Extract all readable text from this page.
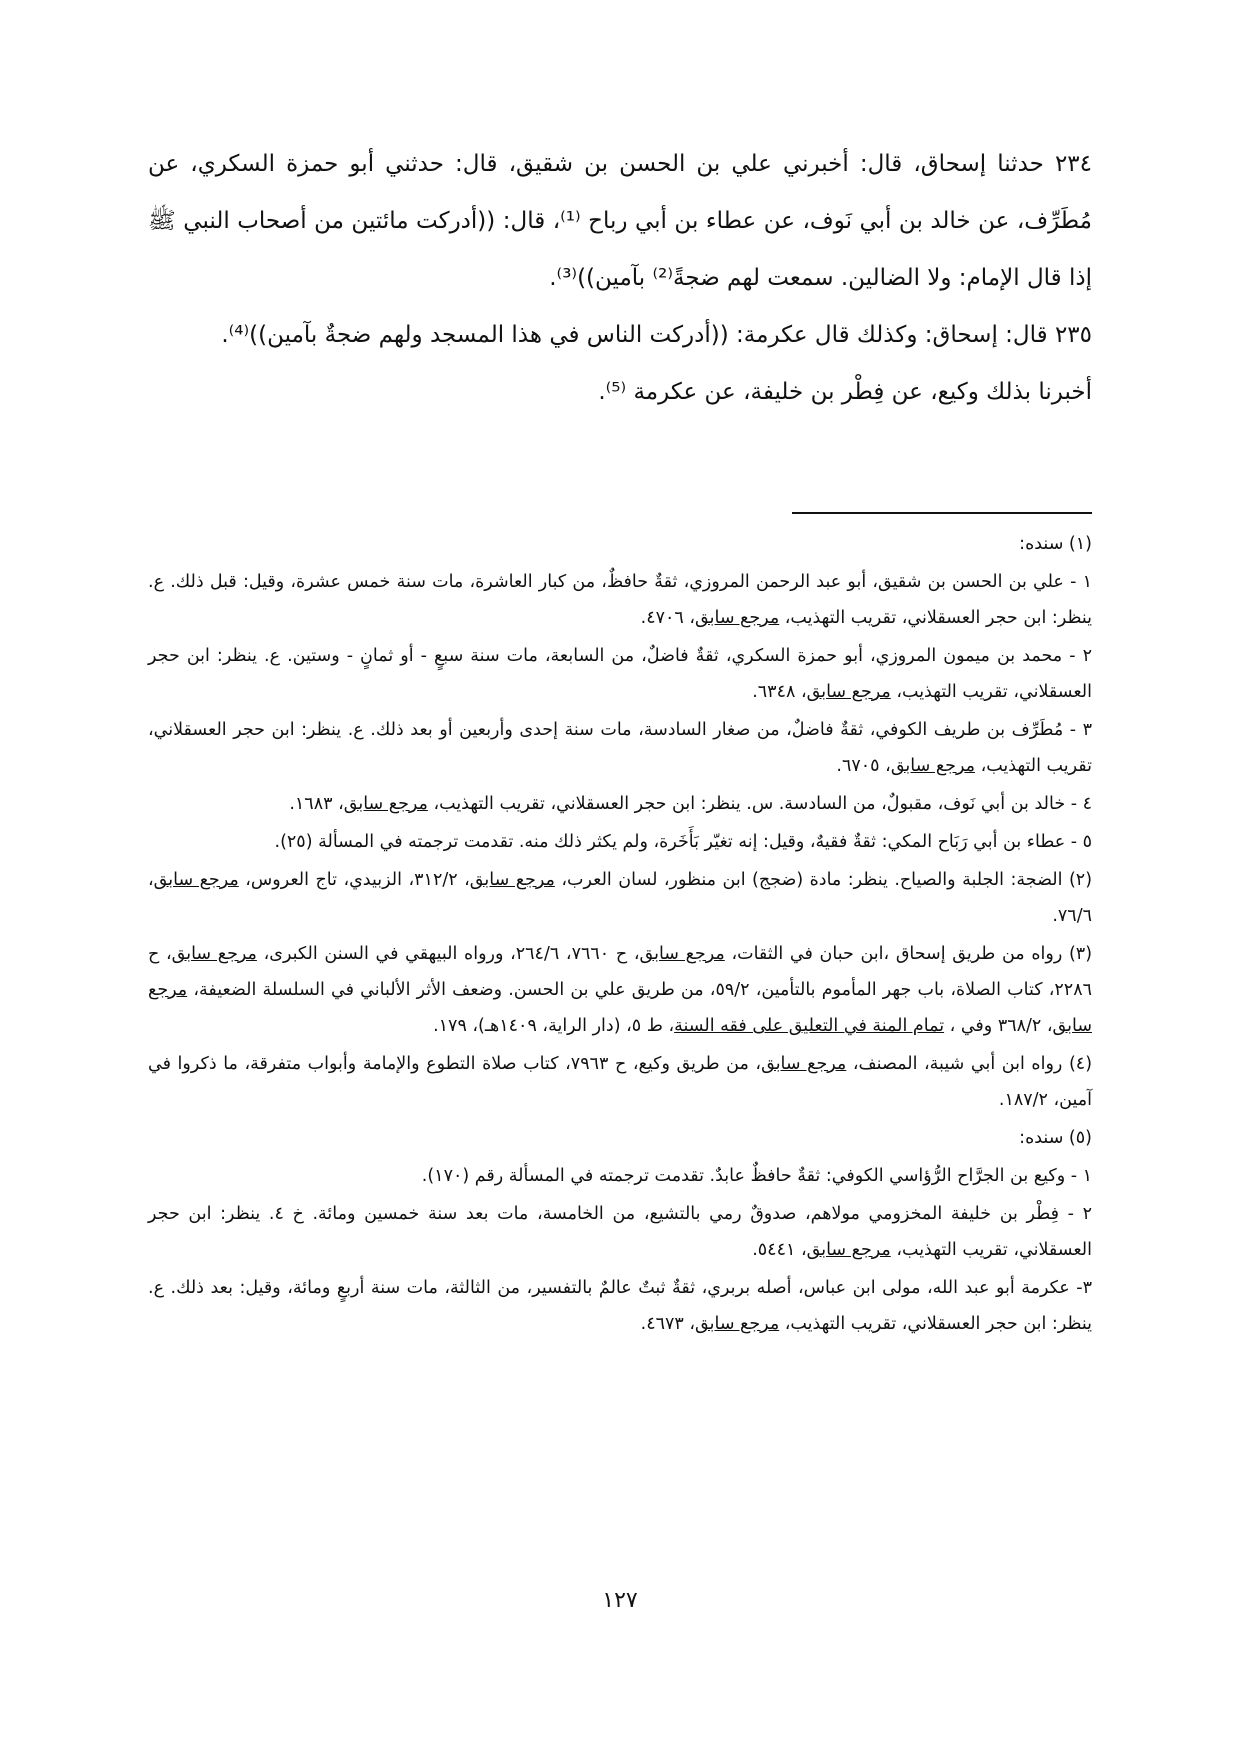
٢٣٤ حدثنا إسحاق، قال: أخبرني علي بن الحسن بن شقيق، قال: حدثني أبو حمزة السكري، عن مُطَرِّف، عن خالد بن أبي نَوف، عن عطاء بن أبي رباح ⁽¹⁾، قال: ((أدركت مائتين من أصحاب النبي ﷺ إذا قال الإمام: ولا الضالين. سمعت لهم ضجةً⁽²⁾ بآمين))⁽³⁾.

٢٣٥ قال: إسحاق: وكذلك قال عكرمة: ((أدركت الناس في هذا المسجد ولهم ضجةٌ بآمين))⁽⁴⁾.

أخبرنا بذلك وكيع، عن فِطْر بن خليفة، عن عكرمة ⁽⁵⁾.

(١) سنده:

١ - علي بن الحسن بن شقيق، أبو عبد الرحمن المروزي، ثقةٌ حافظٌ، من كبار العاشرة، مات سنة خمس عشرة، وقيل: قبل ذلك. ع. ينظر: ابن حجر العسقلاني، تقريب التهذيب، مرجع سابق، ٤٧٠٦.

٢ - محمد بن ميمون المروزي، أبو حمزة السكري، ثقةٌ فاضلٌ، من السابعة، مات سنة سبعٍ - أو ثمانٍ - وستين. ع. ينظر: ابن حجر العسقلاني، تقريب التهذيب، مرجع سابق، ٦٣٤٨.

٣ - مُطَرِّف بن طريف الكوفي، ثقةٌ فاضلٌ، من صغار السادسة، مات سنة إحدى وأربعين أو بعد ذلك. ع. ينظر: ابن حجر العسقلاني، تقريب التهذيب، مرجع سابق، ٦٧٠٥.

٤ - خالد بن أبي نَوف، مقبولٌ، من السادسة. س. ينظر: ابن حجر العسقلاني، تقريب التهذيب، مرجع سابق، ١٦٨٣.

٥ - عطاء بن أبي رَبَاح المكي: ثقةٌ فقيهٌ، وقيل: إنه تغيّر بَأَخَرة، ولم يكثر ذلك منه. تقدمت ترجمته في المسألة (٢٥).

(٢) الضجة: الجلبة والصياح. ينظر: مادة (ضجج) ابن منظور، لسان العرب، مرجع سابق، ٣١٢/٢، الزبيدي، تاج العروس، مرجع سابق، ٧٦/٦.

(٣) رواه من طريق إسحاق ،ابن حبان في الثقات، مرجع سابق، ح ٧٦٦٠، ٢٦٤/٦، ورواه البيهقي في السنن الكبرى، مرجع سابق، ح ٢٢٨٦، كتاب الصلاة، باب جهر المأموم بالتأمين، ٥٩/٢، من طريق علي بن الحسن. وضعف الأثر الألباني في السلسلة الضعيفة، مرجع سابق، ٣٦٨/٢ وفي ، تمام المنة في التعليق على فقه السنة، ط ٥، (دار الراية، ١٤٠٩هـ)، ١٧٩.

(٤) رواه ابن أبي شيبة، المصنف، مرجع سابق، من طريق وكيع، ح ٧٩٦٣، كتاب صلاة التطوع والإمامة وأبواب متفرقة، ما ذكروا في آمين، ١٨٧/٢.

(٥) سنده:

١ - وكيع بن الجرَّاح الرُّؤاسي الكوفي: ثقةٌ حافظٌ عابدٌ. تقدمت ترجمته في المسألة رقم (١٧٠).

٢ - فِطْر بن خليفة المخزومي مولاهم، صدوقٌ رمي بالتشيع، من الخامسة، مات بعد سنة خمسين ومائة. خ ٤. ينظر: ابن حجر العسقلاني، تقريب التهذيب، مرجع سابق، ٥٤٤١.

٣- عكرمة أبو عبد الله، مولى ابن عباس، أصله بربري، ثقةٌ ثبتٌ عالمٌ بالتفسير، من الثالثة، مات سنة أربعٍ ومائة، وقيل: بعد ذلك. ع. ينظر: ابن حجر العسقلاني، تقريب التهذيب، مرجع سابق، ٤٦٧٣.

١٢٧
